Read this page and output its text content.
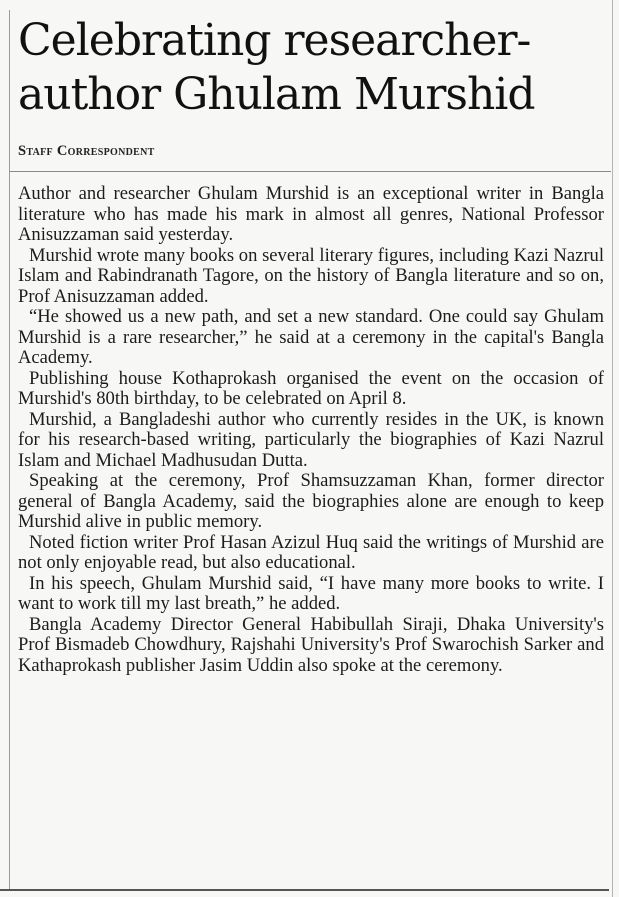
Celebrating researcher-author Ghulam Murshid
Staff Correspondent

Author and researcher Ghulam Murshid is an exceptional writer in Bangla literature who has made his mark in almost all genres, National Professor Anisuzzaman said yesterday.

Murshid wrote many books on several literary figures, including Kazi Nazrul Islam and Rabindranath Tagore, on the history of Bangla literature and so on, Prof Anisuzzaman added.

“He showed us a new path, and set a new standard. One could say Ghulam Murshid is a rare researcher,” he said at a ceremony in the capital's Bangla Academy.

Publishing house Kothaprokash organised the event on the occasion of Murshid's 80th birthday, to be celebrated on April 8.

Murshid, a Bangladeshi author who currently resides in the UK, is known for his research-based writing, particularly the biographies of Kazi Nazrul Islam and Michael Madhusudan Dutta.

Speaking at the ceremony, Prof Shamsuzzaman Khan, former director general of Bangla Academy, said the biographies alone are enough to keep Murshid alive in public memory.

Noted fiction writer Prof Hasan Azizul Huq said the writings of Murshid are not only enjoyable read, but also educational.

In his speech, Ghulam Murshid said, “I have many more books to write. I want to work till my last breath,” he added.

Bangla Academy Director General Habibullah Siraji, Dhaka University's Prof Bismadeb Chowdhury, Rajshahi University's Prof Swarochish Sarker and Kathaprokash publisher Jasim Uddin also spoke at the ceremony.
